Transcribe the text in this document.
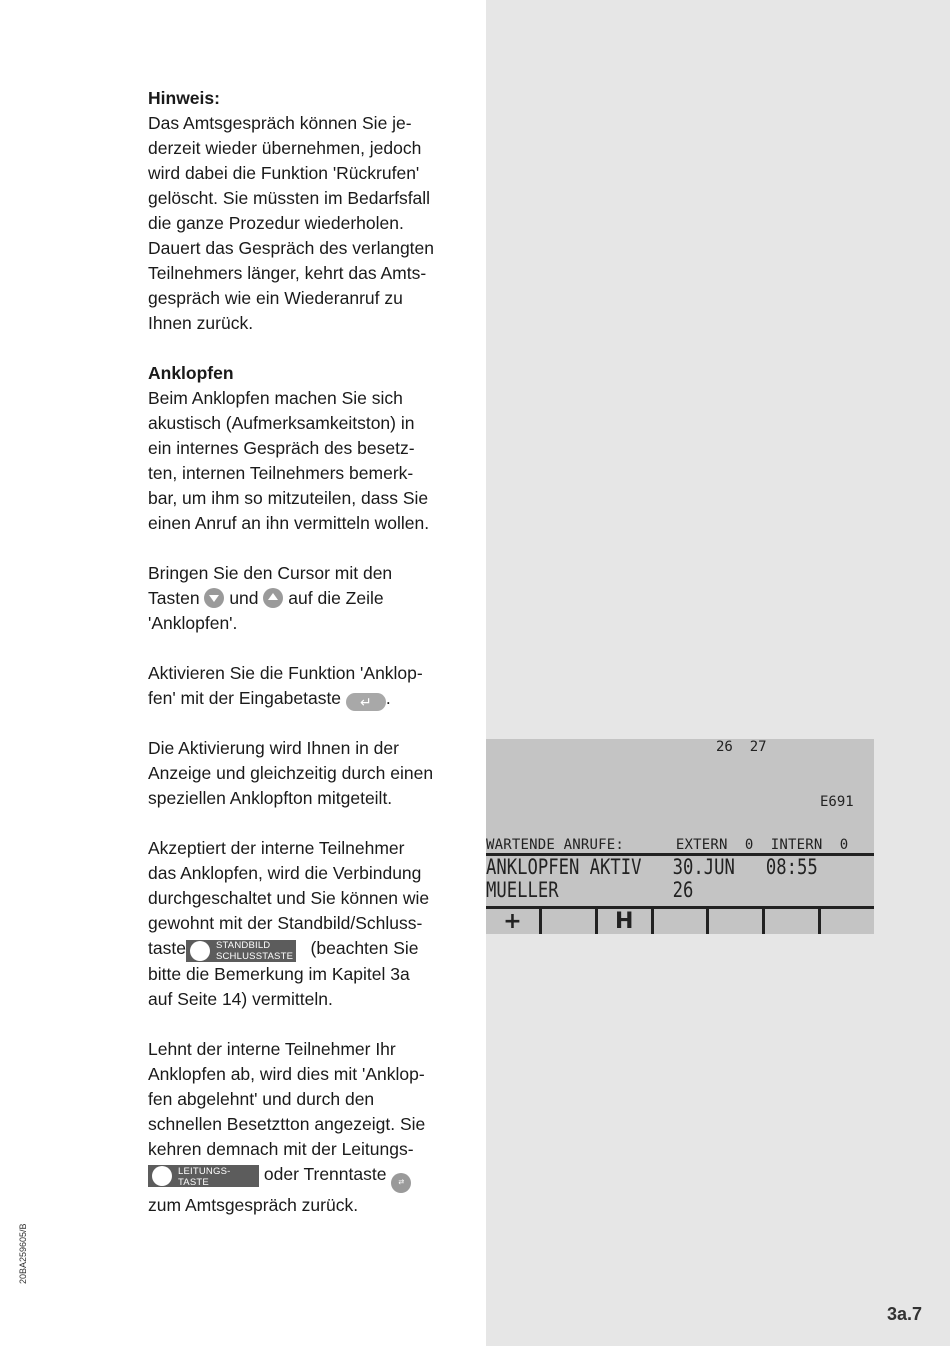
Hinweis:

Das Amtsgespräch können Sie je-
derzeit wieder übernehmen, jedoch
wird dabei die Funktion 'Rückrufen'
gelöscht. Sie müssten im Bedarfsfall
die ganze Prozedur wiederholen.
Dauert das Gespräch des verlangten
Teilnehmers länger, kehrt das Amts-
gespräch wie ein Wiederanruf zu
Ihnen zurück.

Anklopfen

Beim Anklopfen machen Sie sich
akustisch (Aufmerksamkeitston) in
ein internes Gespräch des besetz-
ten, internen Teilnehmers bemerk-
bar, um ihm so mitzuteilen, dass Sie
einen Anruf an ihn vermitteln wollen.

Bringen Sie den Cursor mit den
Tasten und auf die Zeile
'Anklopfen'.

Aktivieren Sie die Funktion 'Anklop-
fen' mit der Eingabetaste ↵ .

Die Aktivierung wird Ihnen in der
Anzeige und gleichzeitig durch einen
speziellen Anklopfton mitgeteilt.

Akzeptiert der interne Teilnehmer
das Anklopfen, wird die Verbindung
durchgeschaltet und Sie können wie
gewohnt mit der Standbild/Schluss-
taste	STANDBILD
SCHLUSSTASTE (beachten Sie
bitte die Bemerkung im Kapitel 3a
auf Seite 14) vermitteln.

Lehnt der interne Teilnehmer Ihr
Anklopfen ab, wird dies mit 'Anklop-
fen abgelehnt' und durch den
schnellen Besetztton angezeigt. Sie
kehren demnach mit der Leitungs-
LEITUNGS-
TASTE	oder Trenntaste ⇄
zum Amtsgespräch zurück.

26  27
E691
WARTENDE ANRUFE:      EXTERN  0  INTERN  0
ANKLOPFEN AKTIV   30.JUN   08:55
MUELLER           26
+	H
20BA259605/B
3a.7
